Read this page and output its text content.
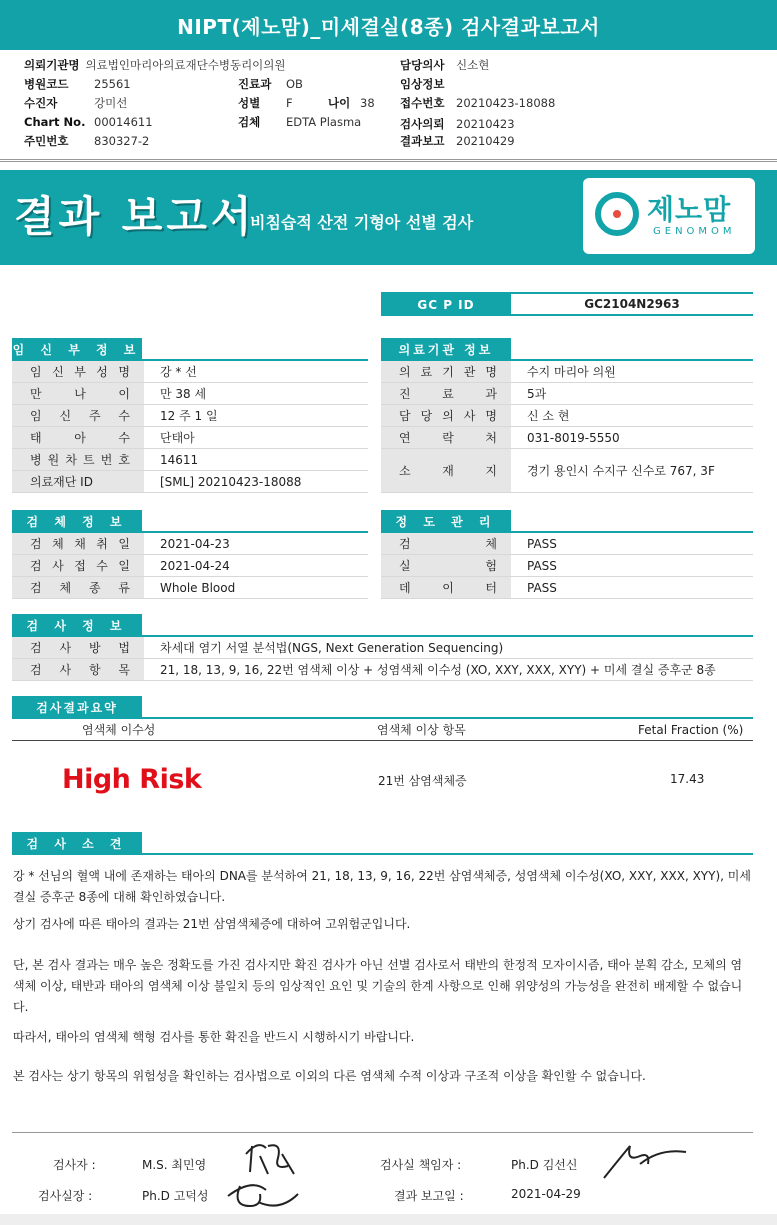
NIPT(제노맘)_미세결실(8종) 검사결과보고서
의뢰기관명 의료법인마리아의료재단수병동리이의원
병원코드	25561	진료과	OB
수진자	강미선	성별	F	나이 38
Chart No. 00014611	검체	EDTA Plasma
주민번호	830327-2
담당의사	신소현
임상정보
접수번호	20210423-18088
검사의뢰	20210423
결과보고	20210429
결과 보고서
비침습적 산전 기형아 선별 검사	제노맘
GENOMOM
GC P ID	GC2104N2963
임 신 부 정 보
임 신 부 성 명	강 * 선
만	나	이	만 38 세
임 신 주 수	12 주 1 일
태	아	수	단태아
병 원 차 트 번 호	14611
의료재단 ID	[SML] 20210423-18088
의료기관 정보
의 료 기 관 명	수지 마리아 의원
진	료	과	5과
담 당 의 사 명	신 소 현
연	락	처	031-8019-5550
소	재	지	경기 용인시 수지구 신수로 767, 3F
검 체 정 보
검 체 채 취 일	2021-04-23
검 사 접 수 일	2021-04-24
검 체 종 류	Whole Blood
정 도 관 리
검	체	PASS
실	험	PASS
데	이	터	PASS
검 사 정 보
검 사 방 법	차세대 염기 서열 분석법(NGS, Next Generation Sequencing)
검 사 항 목	21, 18, 13, 9, 16, 22번 염색체 이상 + 성염색체 이수성 (XO, XXY, XXX, XYY) + 미세 결실 증후군 8종
검사결과요약
염색체 이수성	염색체 이상 항목	Fetal Fraction (%)
High Risk	21번 삼염색체증	17.43
검 사 소 견
강 * 선님의 혈액 내에 존재하는 태아의 DNA를 분석하여 21, 18, 13, 9, 16, 22번 삼염색체증, 성염색체 이수성(XO, XXY, XXX, XYY), 미세 결실 증후군 8종에 대해 확인하였습니다.
상기 검사에 따른 태아의 결과는 21번 삼염색체증에 대하여 고위험군입니다.
단, 본 검사 결과는 매우 높은 정확도를 가진 검사지만 확진 검사가 아닌 선별 검사로서 태반의 한정적 모자이시즘, 태아 분획 감소, 모체의 염색체 이상, 태반과 태아의 염색체 이상 불일치 등의 임상적인 요인 및 기술의 한계 사항으로 인해 위양성의 가능성을 완전히 배제할 수 없습니다.
따라서, 태아의 염색체 핵형 검사를 통한 확진을 반드시 시행하시기 바랍니다.
본 검사는 상기 항목의 위험성을 확인하는 검사법으로 이외의 다른 염색체 수적 이상과 구조적 이상을 확인할 수 없습니다.
검사자 :	M.S. 최민영	검사실 책임자 :	Ph.D 김선신
검사실장 :	Ph.D 고덕성	결과 보고일 :	2021-04-29
